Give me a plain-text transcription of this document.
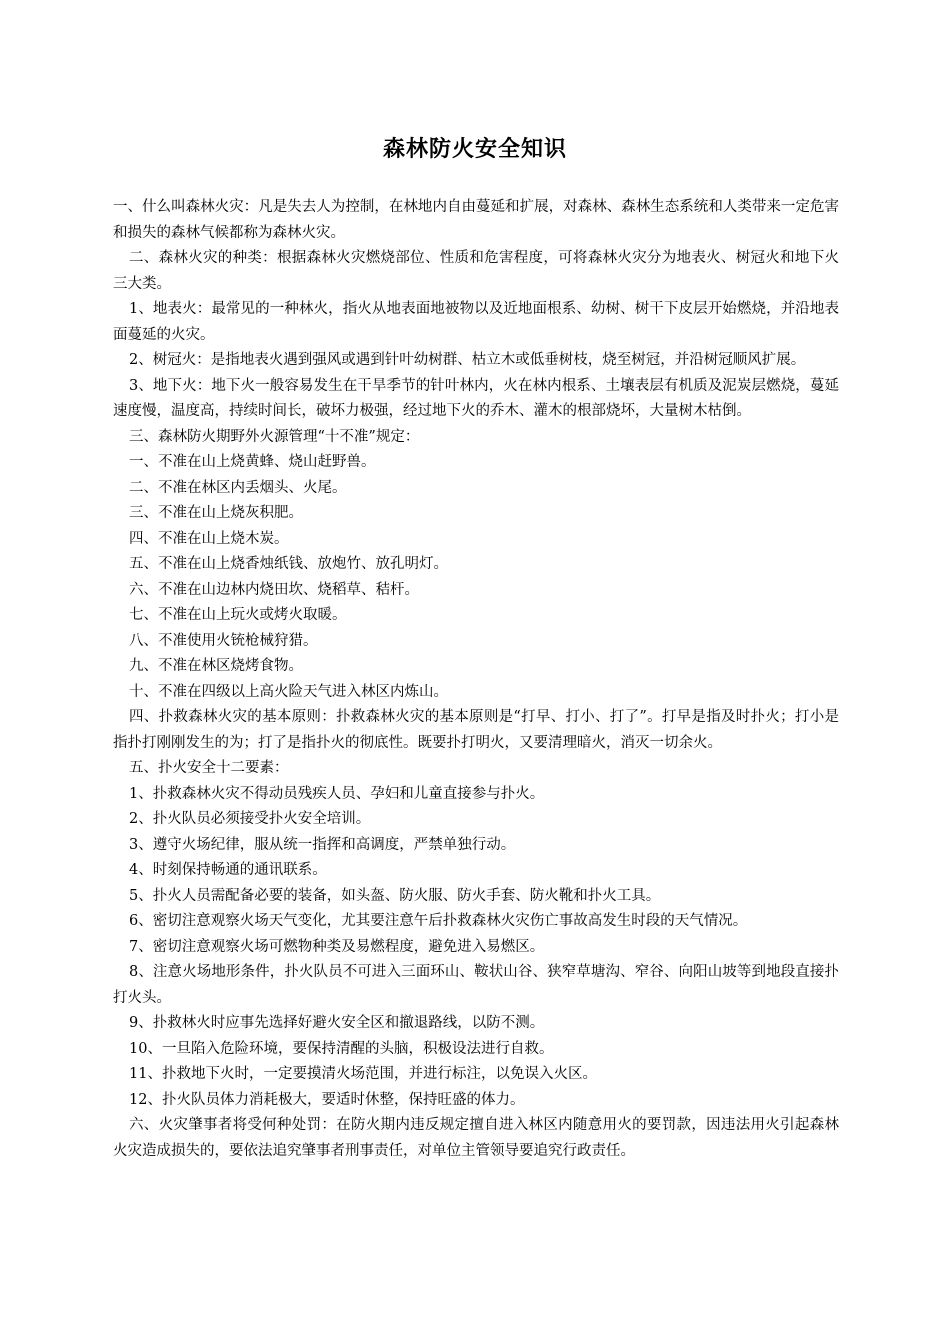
森林防火安全知识

一、什么叫森林火灾：凡是失去人为控制，在林地内自由蔓延和扩展，对森林、森林生态系统和人类带来一定危害和损失的森林气候都称为森林火灾。

二、森林火灾的种类：根据森林火灾燃烧部位、性质和危害程度，可将森林火灾分为地表火、树冠火和地下火三大类。

1、地表火：最常见的一种林火，指火从地表面地被物以及近地面根系、幼树、树干下皮层开始燃烧，并沿地表面蔓延的火灾。

2、树冠火：是指地表火遇到强风或遇到针叶幼树群、枯立木或低垂树枝，烧至树冠，并沿树冠顺风扩展。

3、地下火：地下火一般容易发生在干旱季节的针叶林内，火在林内根系、土壤表层有机质及泥炭层燃烧，蔓延速度慢，温度高，持续时间长，破坏力极强，经过地下火的乔木、灌木的根部烧坏，大量树木枯倒。

三、森林防火期野外火源管理“十不准”规定：

一、不准在山上烧黄蜂、烧山赶野兽。

二、不准在林区内丢烟头、火尾。

三、不准在山上烧灰积肥。

四、不准在山上烧木炭。

五、不准在山上烧香烛纸钱、放炮竹、放孔明灯。

六、不准在山边林内烧田坎、烧稻草、秸杆。

七、不准在山上玩火或烤火取暖。

八、不准使用火铳枪械狩猎。

九、不准在林区烧烤食物。

十、不准在四级以上高火险天气进入林区内炼山。

四、扑救森林火灾的基本原则：扑救森林火灾的基本原则是“打早、打小、打了”。打早是指及时扑火；打小是指扑打刚刚发生的为；打了是指扑火的彻底性。既要扑打明火，又要清理暗火，消灭一切余火。

五、扑火安全十二要素：

1、扑救森林火灾不得动员残疾人员、孕妇和儿童直接参与扑火。

2、扑火队员必须接受扑火安全培训。

3、遵守火场纪律，服从统一指挥和高调度，严禁单独行动。

4、时刻保持畅通的通讯联系。

5、扑火人员需配备必要的装备，如头盔、防火服、防火手套、防火靴和扑火工具。

6、密切注意观察火场天气变化，尤其要注意午后扑救森林火灾伤亡事故高发生时段的天气情况。

7、密切注意观察火场可燃物种类及易燃程度，避免进入易燃区。

8、注意火场地形条件，扑火队员不可进入三面环山、鞍状山谷、狭窄草塘沟、窄谷、向阳山坡等到地段直接扑打火头。

9、扑救林火时应事先选择好避火安全区和撤退路线，以防不测。

10、一旦陷入危险环境，要保持清醒的头脑，积极设法进行自救。

11、扑救地下火时，一定要摸清火场范围，并进行标注，以免误入火区。

12、扑火队员体力消耗极大，要适时休整，保持旺盛的体力。

六、火灾肇事者将受何种处罚：在防火期内违反规定擅自进入林区内随意用火的要罚款，因违法用火引起森林火灾造成损失的，要依法追究肇事者刑事责任，对单位主管领导要追究行政责任。
